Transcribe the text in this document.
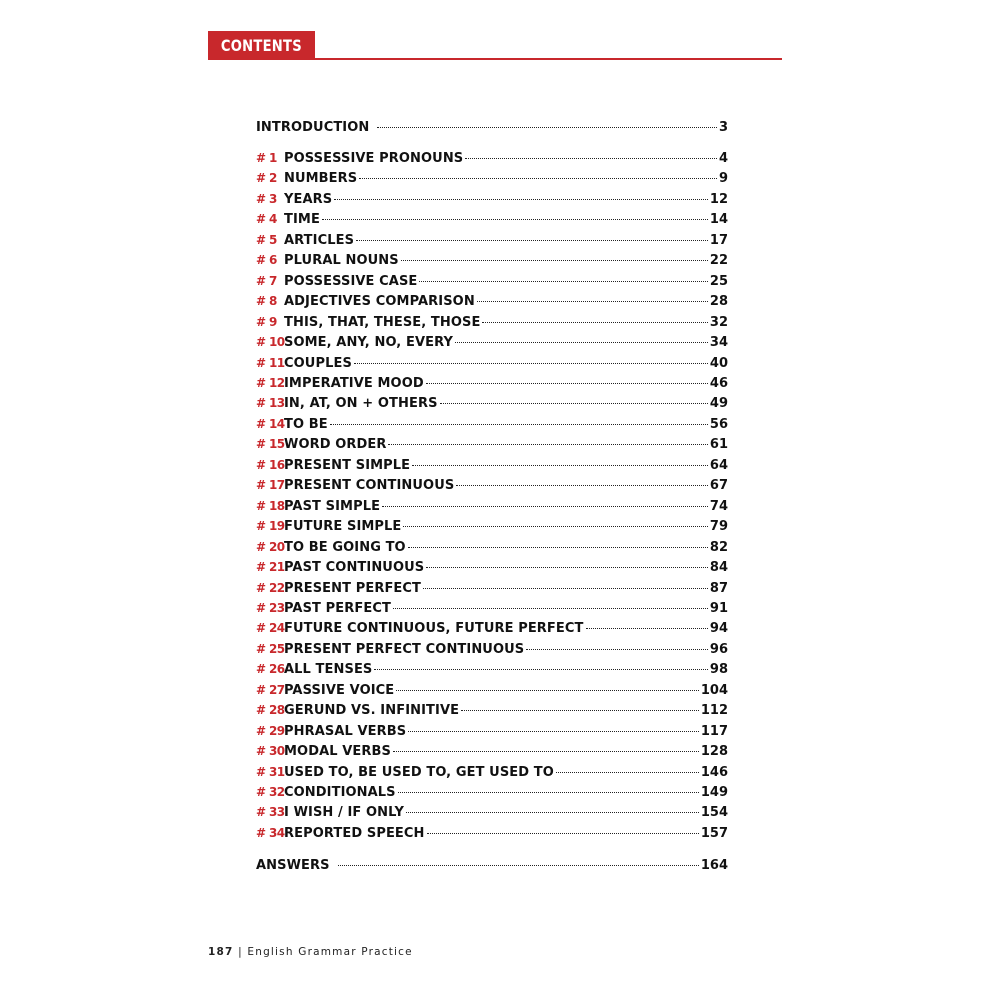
CONTENTS
INTRODUCTION	3
# 1 POSSESSIVE PRONOUNS	4
# 2 NUMBERS	9
# 3 YEARS	12
# 4 TIME	14
# 5 ARTICLES	17
# 6 PLURAL NOUNS	22
# 7 POSSESSIVE CASE	25
# 8 ADJECTIVES COMPARISON	28
# 9 THIS, THAT, THESE, THOSE	32
# 10 SOME, ANY, NO, EVERY	34
# 11 COUPLES	40
# 12 IMPERATIVE MOOD	46
# 13 IN, AT, ON + OTHERS	49
# 14 TO BE	56
# 15 WORD ORDER	61
# 16 PRESENT SIMPLE	64
# 17 PRESENT CONTINUOUS	67
# 18 PAST SIMPLE	74
# 19 FUTURE SIMPLE	79
# 20 TO BE GOING TO	82
# 21 PAST CONTINUOUS	84
# 22 PRESENT PERFECT	87
# 23 PAST PERFECT	91
# 24 FUTURE CONTINUOUS, FUTURE PERFECT	94
# 25 PRESENT PERFECT CONTINUOUS	96
# 26 ALL TENSES	98
# 27 PASSIVE VOICE	104
# 28 GERUND VS. INFINITIVE	112
# 29 PHRASAL VERBS	117
# 30 MODAL VERBS	128
# 31 USED TO, BE USED TO, GET USED TO	146
# 32 CONDITIONALS	149
# 33 I WISH / IF ONLY	154
# 34 REPORTED SPEECH	157
ANSWERS	164
187 | English Grammar Practice
